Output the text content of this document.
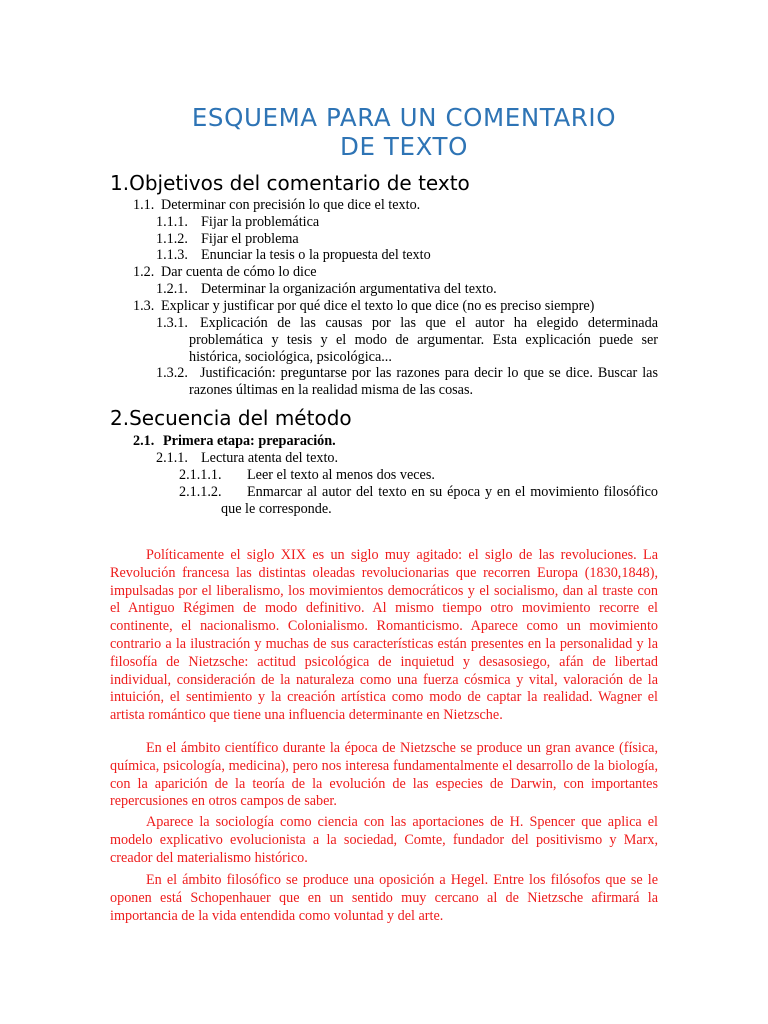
ESQUEMA PARA UN COMENTARIO
DE TEXTO
1.Objetivos del comentario de texto
1.1. Determinar con precisión lo que dice el texto.
1.1.1. Fijar la problemática
1.1.2. Fijar el problema
1.1.3. Enunciar la tesis o la propuesta del texto
1.2. Dar cuenta de cómo lo dice
1.2.1. Determinar la organización argumentativa del texto.
1.3. Explicar y justificar por qué dice el texto lo que dice (no es preciso siempre)
1.3.1. Explicación de las causas por las que el autor ha elegido determinada problemática y tesis y el modo de argumentar. Esta explicación puede ser histórica, sociológica, psicológica...
1.3.2. Justificación: preguntarse por las razones para decir lo que se dice. Buscar las razones últimas en la realidad misma de las cosas.
2.Secuencia del método
2.1. Primera etapa: preparación.
2.1.1. Lectura atenta del texto.
2.1.1.1. Leer el texto al menos dos veces.
2.1.1.2.	Enmarcar al autor del texto en su época y en el movimiento filosófico que le corresponde.
Políticamente el siglo XIX es un siglo muy agitado: el siglo de las revoluciones. La Revolución francesa las distintas oleadas revolucionarias que recorren Europa (1830,1848), impulsadas por el liberalismo, los movimientos democráticos y el socialismo, dan al traste con el Antiguo Régimen de modo definitivo. Al mismo tiempo otro movimiento recorre el continente, el nacionalismo. Colonialismo. Romanticismo. Aparece como un movimiento contrario a la ilustración y muchas de sus características están presentes en la personalidad y la filosofía de Nietzsche: actitud psicológica de inquietud y desasosiego, afán de libertad individual, consideración de la naturaleza como una fuerza cósmica y vital, valoración de la intuición, el sentimiento y la creación artística como modo de captar la realidad. Wagner el artista romántico que tiene una influencia determinante en Nietzsche.
En el ámbito científico durante la época de Nietzsche se produce un gran avance (física, química, psicología, medicina), pero nos interesa fundamentalmente el desarrollo de la biología, con la aparición de la teoría de la evolución de las especies de Darwin, con importantes repercusiones en otros campos de saber.
Aparece la sociología como ciencia con las aportaciones de H. Spencer que aplica el modelo explicativo evolucionista a la sociedad, Comte, fundador del positivismo y Marx, creador del materialismo histórico.
En el ámbito filosófico se produce una oposición a Hegel. Entre los filósofos que se le oponen está Schopenhauer que en un sentido muy cercano al de Nietzsche afirmará la importancia de la vida entendida como voluntad y del arte.
